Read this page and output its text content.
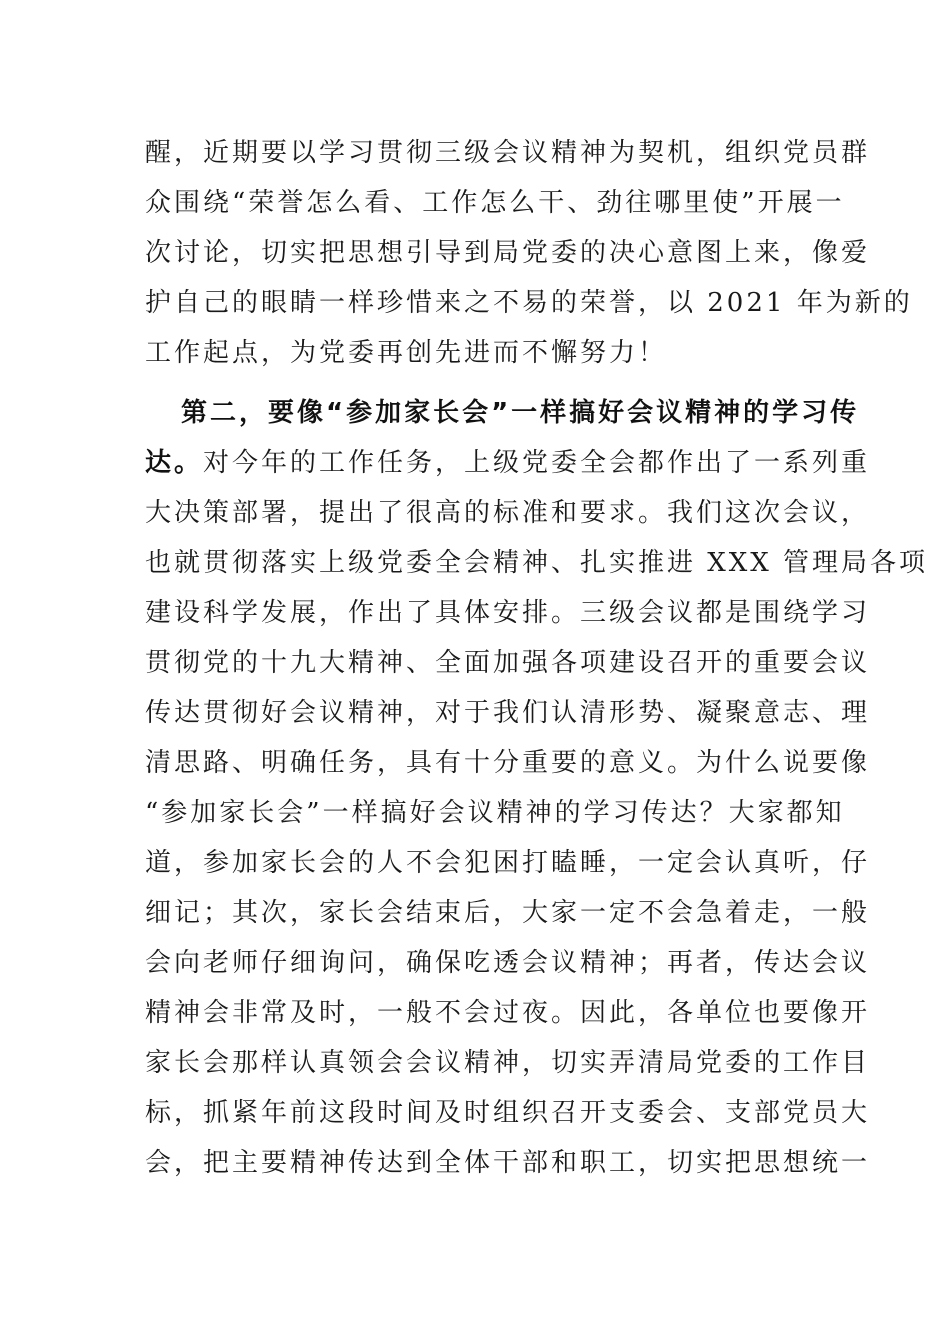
醒，近期要以学习贯彻三级会议精神为契机，组织党员群
众围绕“荣誉怎么看、工作怎么干、劲往哪里使”开展一
次讨论，切实把思想引导到局党委的决心意图上来，像爱
护自己的眼睛一样珍惜来之不易的荣誉，以 2021 年为新的
工作起点，为党委再创先进而不懈努力！
第二，要像“参加家长会”一样搞好会议精神的学习传
达。对今年的工作任务，上级党委全会都作出了一系列重
大决策部署，提出了很高的标准和要求。我们这次会议，
也就贯彻落实上级党委全会精神、扎实推进 XXX 管理局各项
建设科学发展，作出了具体安排。三级会议都是围绕学习
贯彻党的十九大精神、全面加强各项建设召开的重要会议
传达贯彻好会议精神，对于我们认清形势、凝聚意志、理
清思路、明确任务，具有十分重要的意义。为什么说要像
“参加家长会”一样搞好会议精神的学习传达？大家都知
道，参加家长会的人不会犯困打瞌睡，一定会认真听，仔
细记；其次，家长会结束后，大家一定不会急着走，一般
会向老师仔细询问，确保吃透会议精神；再者，传达会议
精神会非常及时，一般不会过夜。因此，各单位也要像开
家长会那样认真领会会议精神，切实弄清局党委的工作目
标，抓紧年前这段时间及时组织召开支委会、支部党员大
会，把主要精神传达到全体干部和职工，切实把思想统一
